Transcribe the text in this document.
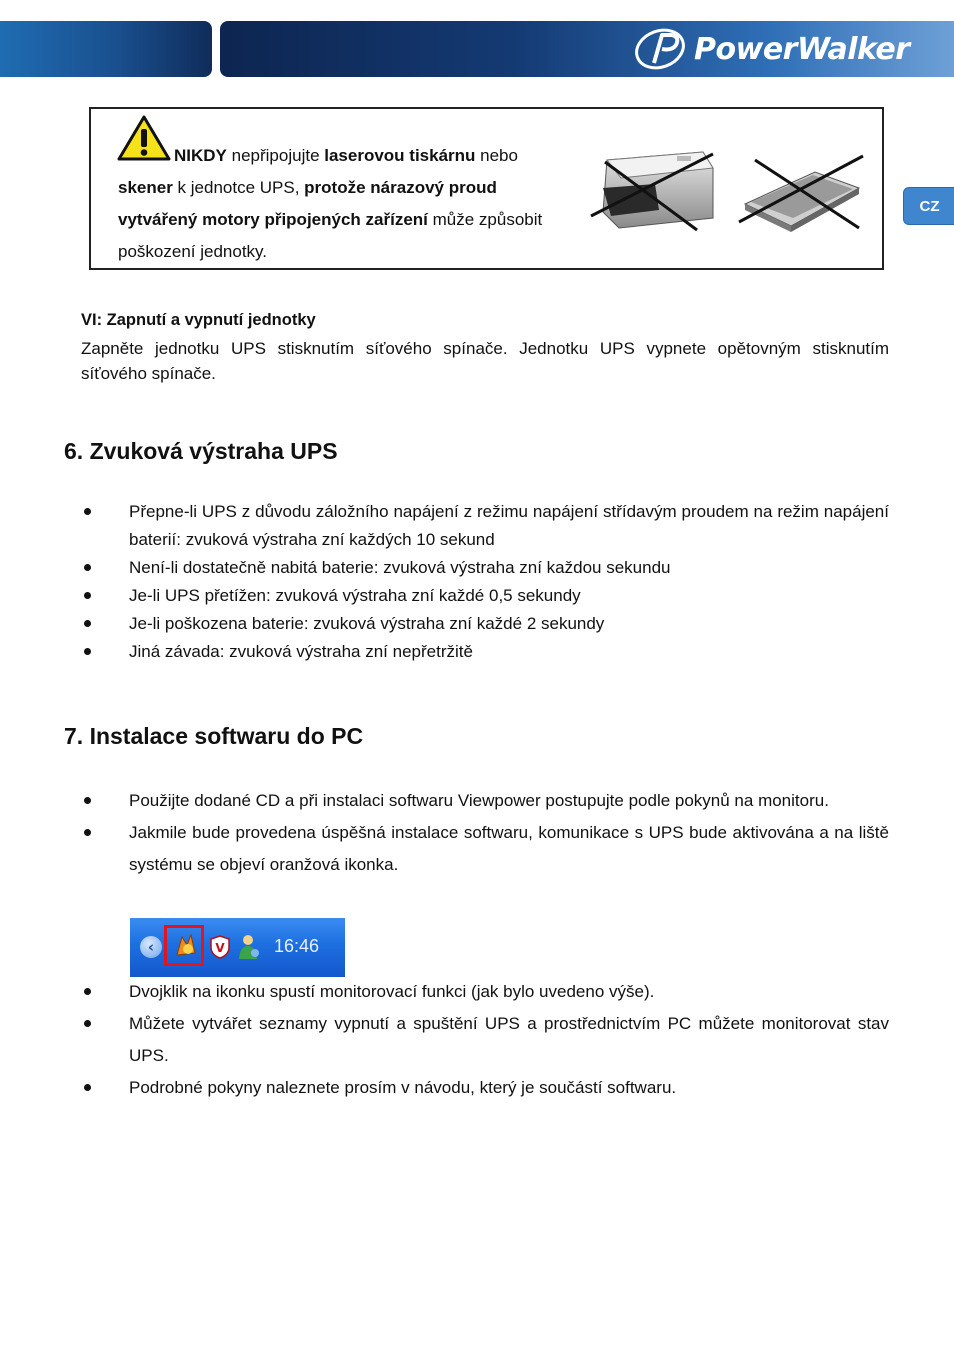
PowerWalker
CZ
NIKDY nepřipojujte laserovou tiskárnu nebo
skener k jednotce UPS, protože nárazový proud
vytvářený motory připojených zařízení může způsobit
poškození jednotky.
VI: Zapnutí a vypnutí jednotky
Zapněte jednotku UPS stisknutím síťového spínače. Jednotku UPS vypnete opětovným stisknutím síťového spínače.
6. Zvuková výstraha UPS
Přepne-li UPS z důvodu záložního napájení z režimu napájení střídavým proudem na režim napájení baterií: zvuková výstraha zní každých 10 sekund
Není-li dostatečně nabitá baterie: zvuková výstraha zní každou sekundu
Je-li UPS přetížen: zvuková výstraha zní každé 0,5 sekundy
Je-li poškozena baterie: zvuková výstraha zní každé 2 sekundy
Jiná závada: zvuková výstraha zní nepřetržitě
7. Instalace softwaru do PC
Použijte dodané CD a při instalaci softwaru Viewpower postupujte podle pokynů na monitoru.
Jakmile bude provedena úspěšná instalace softwaru, komunikace s UPS bude aktivována a na liště systému se objeví oranžová ikonka.
‹	V	16:46
Dvojklik na ikonku spustí monitorovací funkci (jak bylo uvedeno výše).
Můžete vytvářet seznamy vypnutí a spuštění UPS a prostřednictvím PC můžete monitorovat stav UPS.
Podrobné pokyny naleznete prosím v návodu, který je součástí softwaru.
